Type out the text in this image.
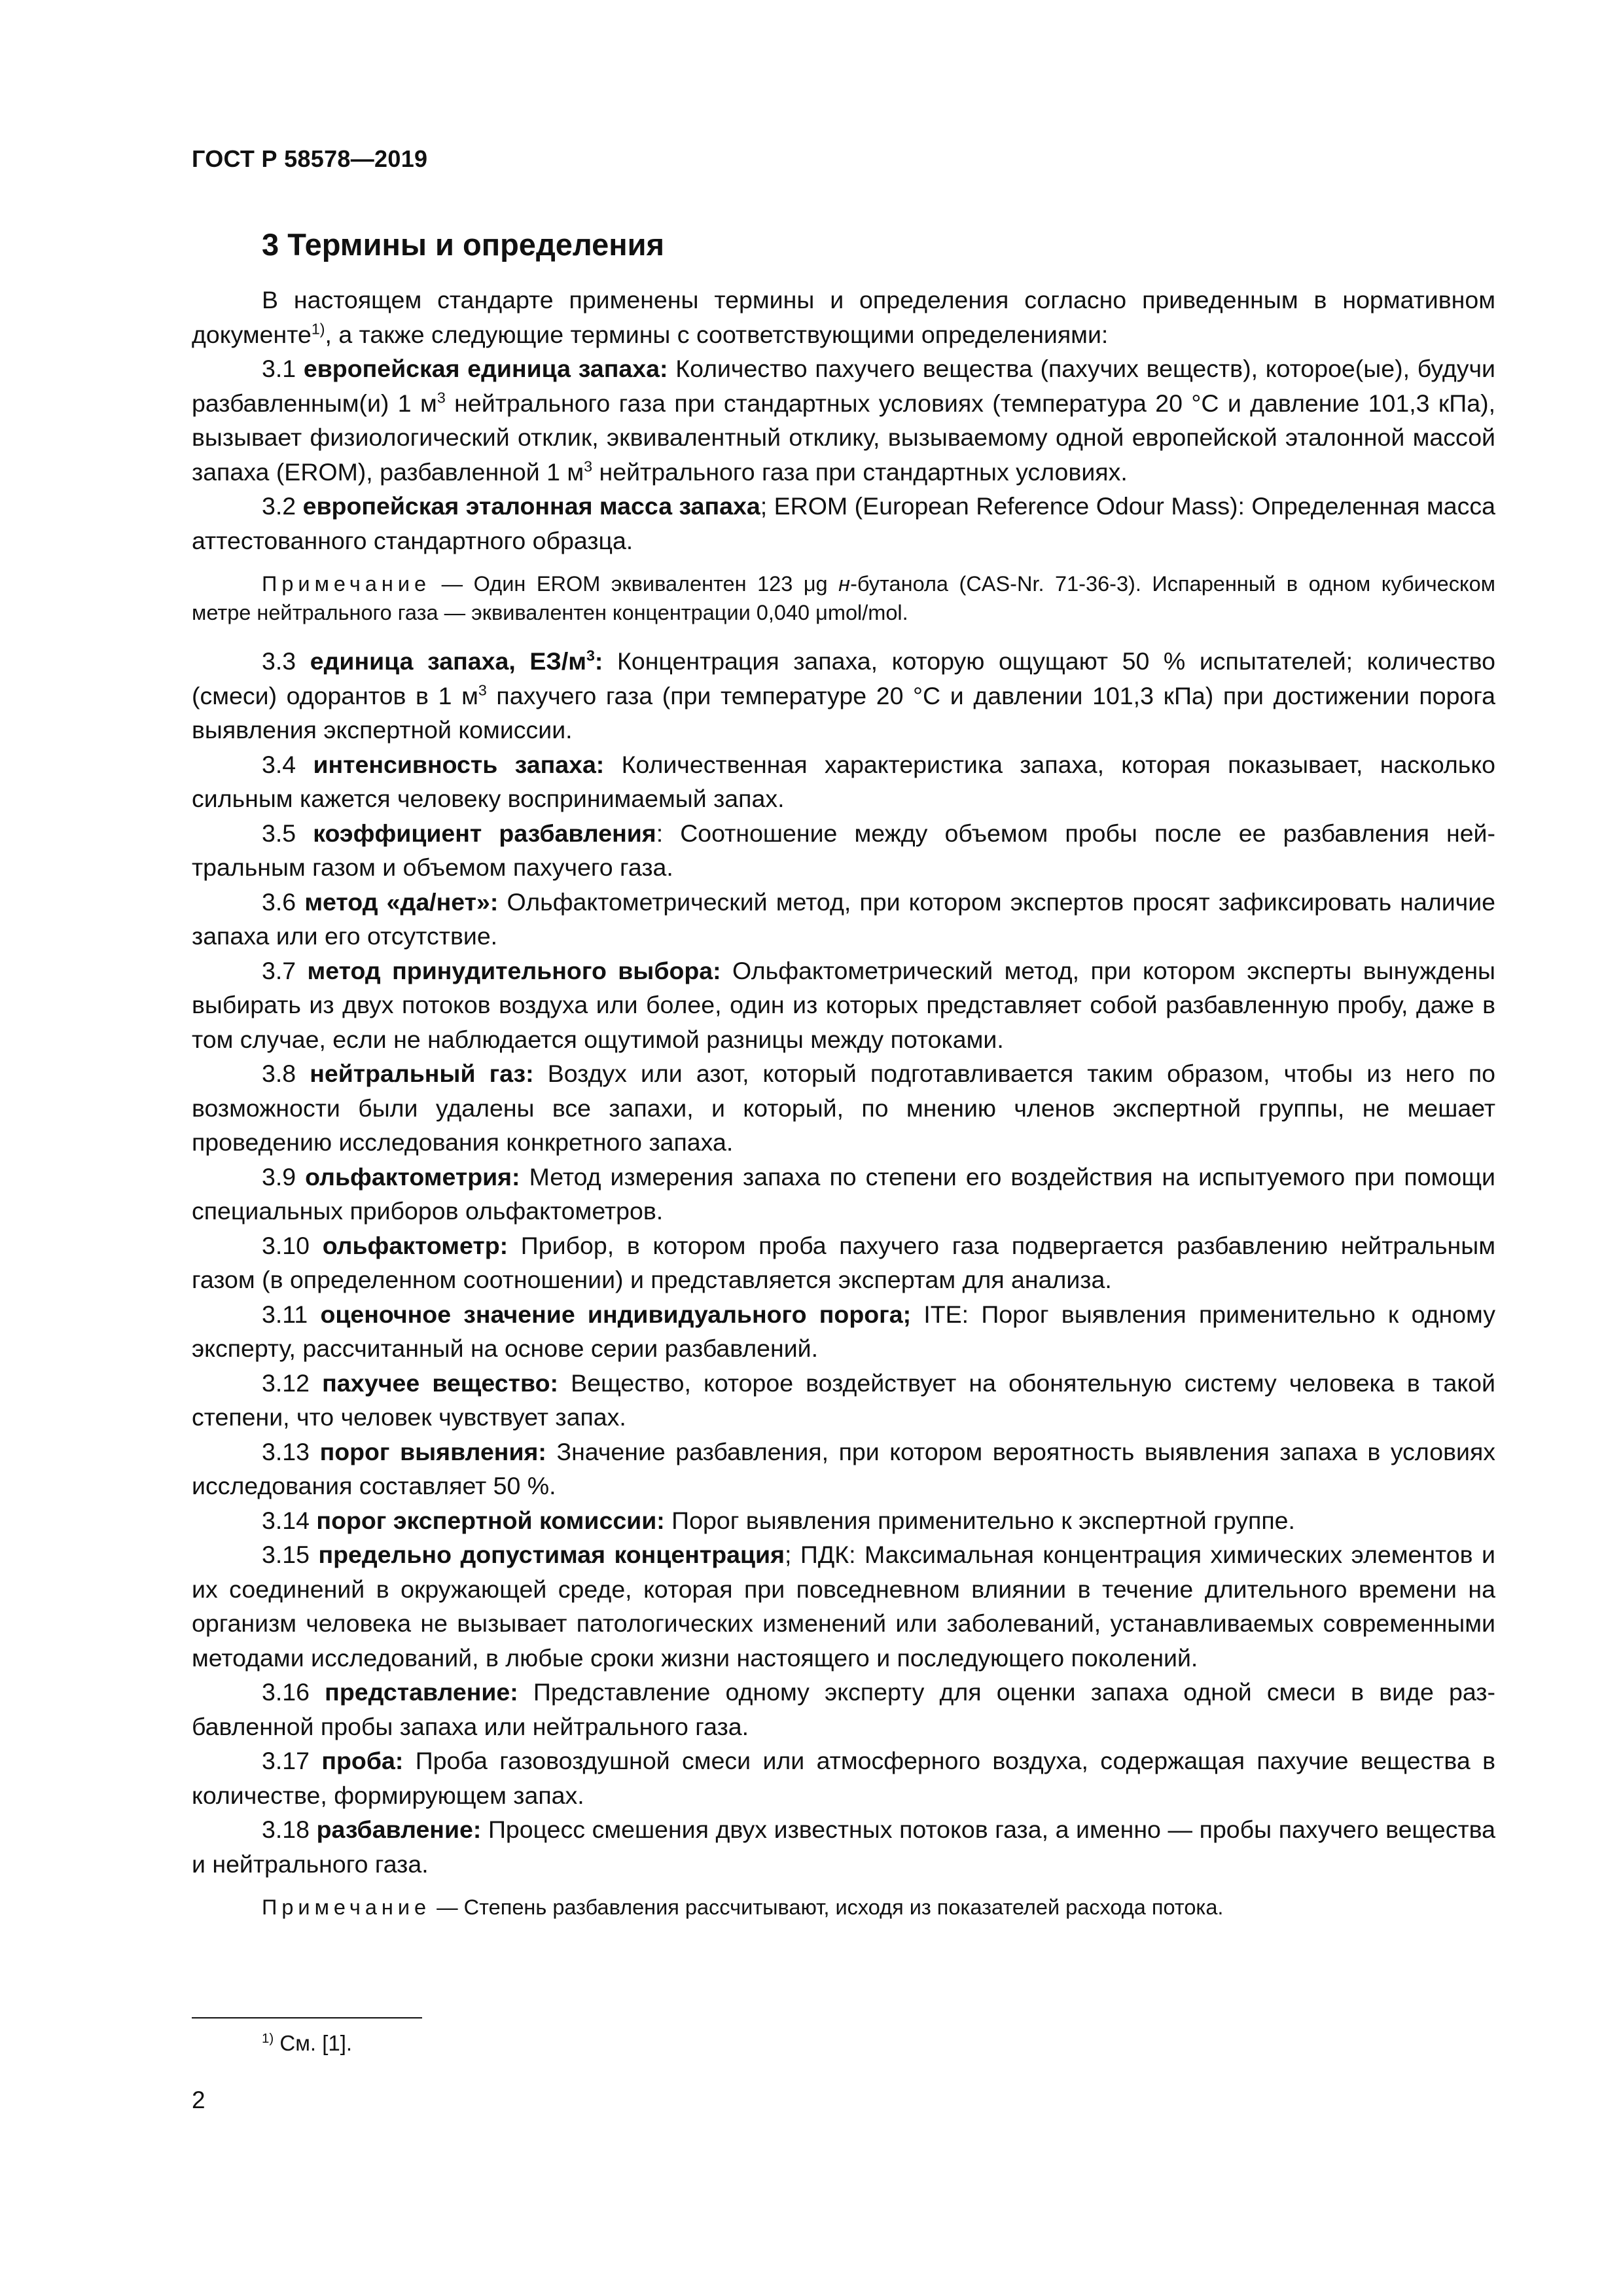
ГОСТ Р 58578—2019
3 Термины и определения

В настоящем стандарте применены термины и определения согласно приведенным в нормативном документе$^{1)}$, а также следующие термины с соответствующими определениями:

3.1 европейская единица запаха: Количество пахучего вещества (пахучих веществ), которое(ые), будучи разбавленным(и) 1 $м^3$ нейтрального газа при стандартных условиях (температура 20 °С и давление 101,3 кПа), вызывает физиологический отклик, эквивалентный отклику, вызываемому одной европейской эталонной массой запаха (EROM), разбавленной 1 $м^3$ нейтрального газа при стандартных условиях.

3.2 европейская эталонная масса запаха; EROM (European Reference Odour Mass): Определенная масса аттестованного стандартного образца.

Примечание — Один EROM эквивалентен 123 μg н-бутанола (CAS-Nr. 71-36-3). Испаренный в одном кубическом метре нейтрального газа — эквивалентен концентрации 0,040 μmol/mol.

3.3 единица запаха, $ЕЗ/м^3$: Концентрация запаха, которую ощущают 50 % испытателей; количество (смеси) одорантов в 1 $м^3$ пахучего газа (при температуре 20 °С и давлении 101,3 кПа) при достижении порога выявления экспертной комиссии.

3.4 интенсивность запаха: Количественная характеристика запаха, которая показывает, насколько сильным кажется человеку воспринимаемый запах.

3.5 коэффициент разбавления: Соотношение между объемом пробы после ее разбавления нейтральным газом и объемом пахучего газа.

3.6 метод «да/нет»: Ольфактометрический метод, при котором экспертов просят зафиксировать наличие запаха или его отсутствие.

3.7 метод принудительного выбора: Ольфактометрический метод, при котором эксперты вынуждены выбирать из двух потоков воздуха или более, один из которых представляет собой разбавленную пробу, даже в том случае, если не наблюдается ощутимой разницы между потоками.

3.8 нейтральный газ: Воздух или азот, который подготавливается таким образом, чтобы из него по возможности были удалены все запахи, и который, по мнению членов экспертной группы, не мешает проведению исследования конкретного запаха.

3.9 ольфактометрия: Метод измерения запаха по степени его воздействия на испытуемого при помощи специальных приборов ольфактометров.

3.10 ольфактометр: Прибор, в котором проба пахучего газа подвергается разбавлению нейтральным газом (в определенном соотношении) и представляется экспертам для анализа.

3.11 оценочное значение индивидуального порога; ITE: Порог выявления применительно к одному эксперту, рассчитанный на основе серии разбавлений.

3.12 пахучее вещество: Вещество, которое воздействует на обонятельную систему человека в такой степени, что человек чувствует запах.

3.13 порог выявления: Значение разбавления, при котором вероятность выявления запаха в условиях исследования составляет 50 %.

3.14 порог экспертной комиссии: Порог выявления применительно к экспертной группе.

3.15 предельно допустимая концентрация; ПДК: Максимальная концентрация химических элементов и их соединений в окружающей среде, которая при повседневном влиянии в течение длительного времени на организм человека не вызывает патологических изменений или заболеваний, устанавливаемых современными методами исследований, в любые сроки жизни настоящего и последующего поколений.

3.16 представление: Представление одному эксперту для оценки запаха одной смеси в виде разбавленной пробы запаха или нейтрального газа.

3.17 проба: Проба газовоздушной смеси или атмосферного воздуха, содержащая пахучие вещества в количестве, формирующем запах.

3.18 разбавление: Процесс смешения двух известных потоков газа, а именно — пробы пахучего вещества и нейтрального газа.

Примечание — Степень разбавления рассчитывают, исходя из показателей расхода потока.

$^{1)}$ См. [1].
2
